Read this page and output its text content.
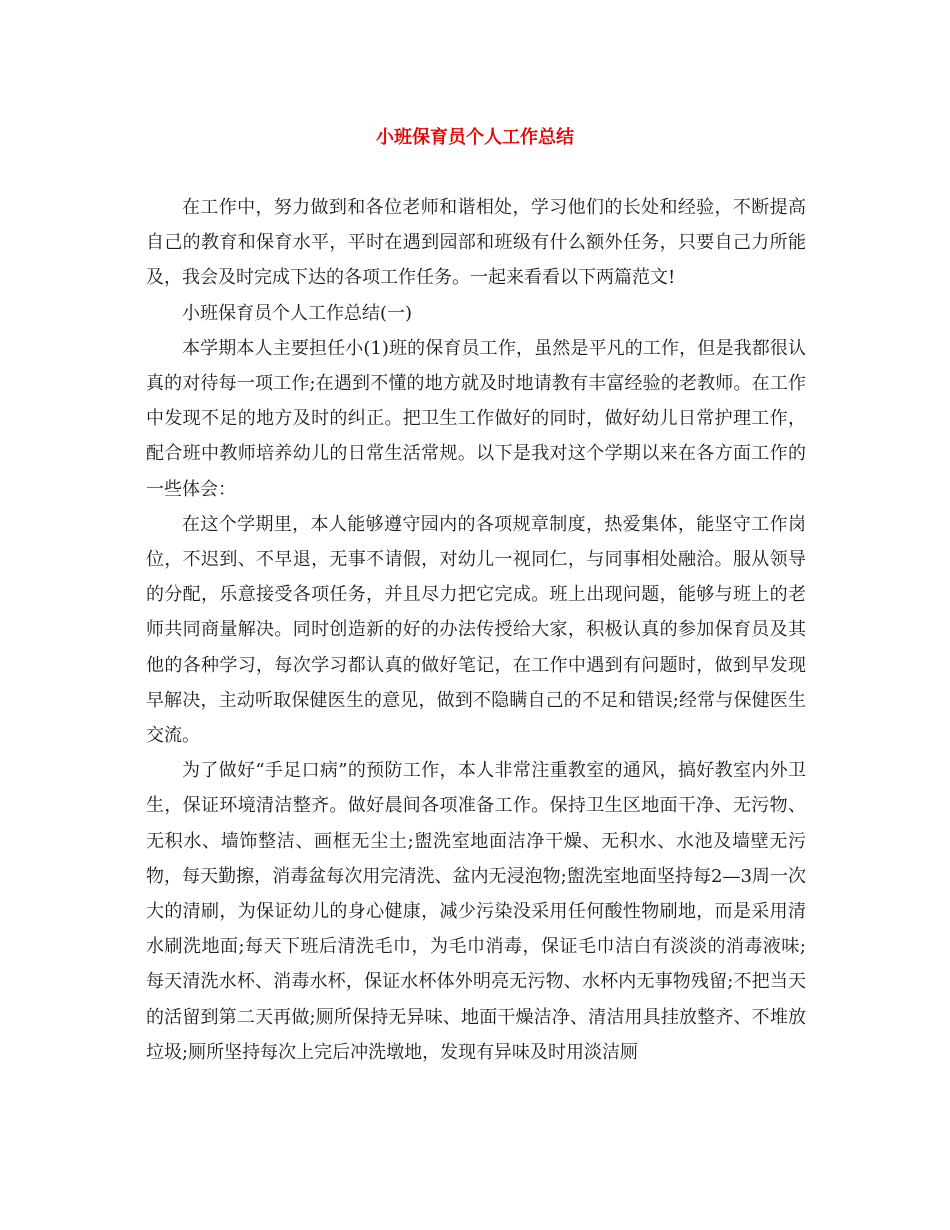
小班保育员个人工作总结

在工作中，努力做到和各位老师和谐相处，学习他们的长处和经验，不断提高自己的教育和保育水平，平时在遇到园部和班级有什么额外任务，只要自己力所能及，我会及时完成下达的各项工作任务。一起来看看以下两篇范文!

小班保育员个人工作总结(一)

本学期本人主要担任小(1)班的保育员工作，虽然是平凡的工作，但是我都很认真的对待每一项工作;在遇到不懂的地方就及时地请教有丰富经验的老教师。在工作中发现不足的地方及时的纠正。把卫生工作做好的同时，做好幼儿日常护理工作，配合班中教师培养幼儿的日常生活常规。以下是我对这个学期以来在各方面工作的一些体会：

在这个学期里，本人能够遵守园内的各项规章制度，热爱集体，能坚守工作岗位，不迟到、不早退，无事不请假，对幼儿一视同仁，与同事相处融洽。服从领导的分配，乐意接受各项任务，并且尽力把它完成。班上出现问题，能够与班上的老师共同商量解决。同时创造新的好的办法传授给大家，积极认真的参加保育员及其他的各种学习，每次学习都认真的做好笔记，在工作中遇到有问题时，做到早发现早解决，主动听取保健医生的意见，做到不隐瞒自己的不足和错误;经常与保健医生交流。

为了做好“手足口病”的预防工作，本人非常注重教室的通风，搞好教室内外卫生，保证环境清洁整齐。做好晨间各项准备工作。保持卫生区地面干净、无污物、无积水、墙饰整洁、画框无尘土;盥洗室地面洁净干燥、无积水、水池及墙壁无污物，每天勤擦，消毒盆每次用完清洗、盆内无浸泡物;盥洗室地面坚持每2—3周一次大的清刷，为保证幼儿的身心健康，减少污染没采用任何酸性物刷地，而是采用清水刷洗地面;每天下班后清洗毛巾，为毛巾消毒，保证毛巾洁白有淡淡的消毒液味;每天清洗水杯、消毒水杯，保证水杯体外明亮无污物、水杯内无事物残留;不把当天的活留到第二天再做;厕所保持无异味、地面干燥洁净、清洁用具挂放整齐、不堆放垃圾;厕所坚持每次上完后冲洗墩地，发现有异味及时用淡洁厕
